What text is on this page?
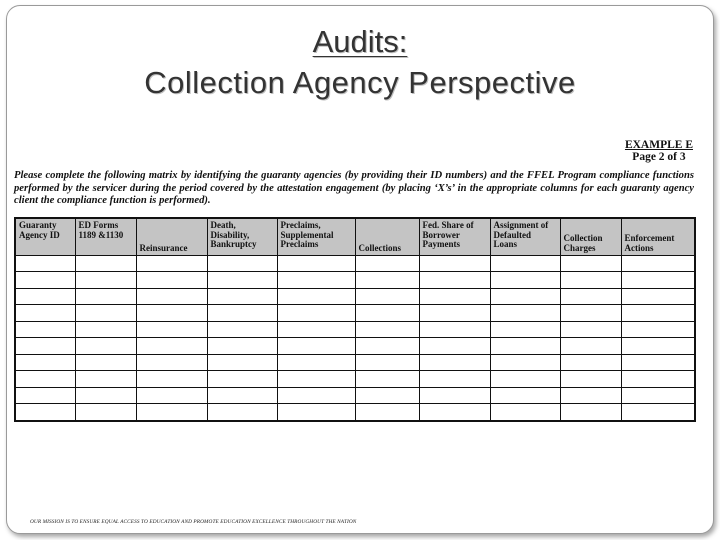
Audits:
Collection Agency Perspective
EXAMPLE E
Page 2 of 3
Please complete the following matrix by identifying the guaranty agencies (by providing their ID numbers) and the FFEL Program compliance functions performed by the servicer during the period covered by the attestation engagement (by placing ‘X’s’ in the appropriate columns for each guaranty agency client the compliance function is performed).
Guaranty Agency ID	ED Forms 1189 &1130	Reinsurance	Death, Disability, Bankruptcy	Preclaims, Supplemental Preclaims	Collections	Fed. Share of Borrower Payments	Assignment of Defaulted Loans	Collection Charges	Enforcement Actions

OUR MISSION IS TO ENSURE EQUAL ACCESS TO EDUCATION AND PROMOTE EDUCATION EXCELLENCE THROUGHOUT THE NATION
